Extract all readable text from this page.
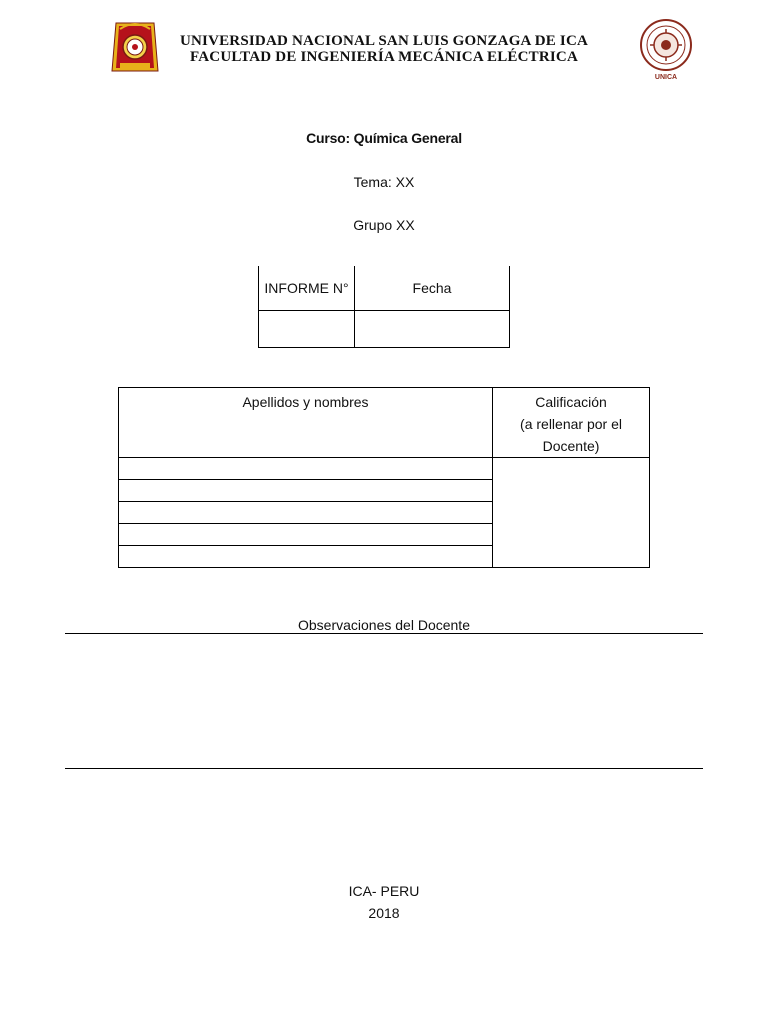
UNIVERSIDAD NACIONAL SAN LUIS GONZAGA DE ICA
FACULTAD DE INGENIERÍA MECÁNICA ELÉCTRICA
UNICA
Curso: Química General
Tema: XX
Grupo XX
INFORME N°	Fecha

Apellidos y nombres	Calificación
(a rellenar por el
Docente)

Observaciones del Docente
ICA- PERU
2018
